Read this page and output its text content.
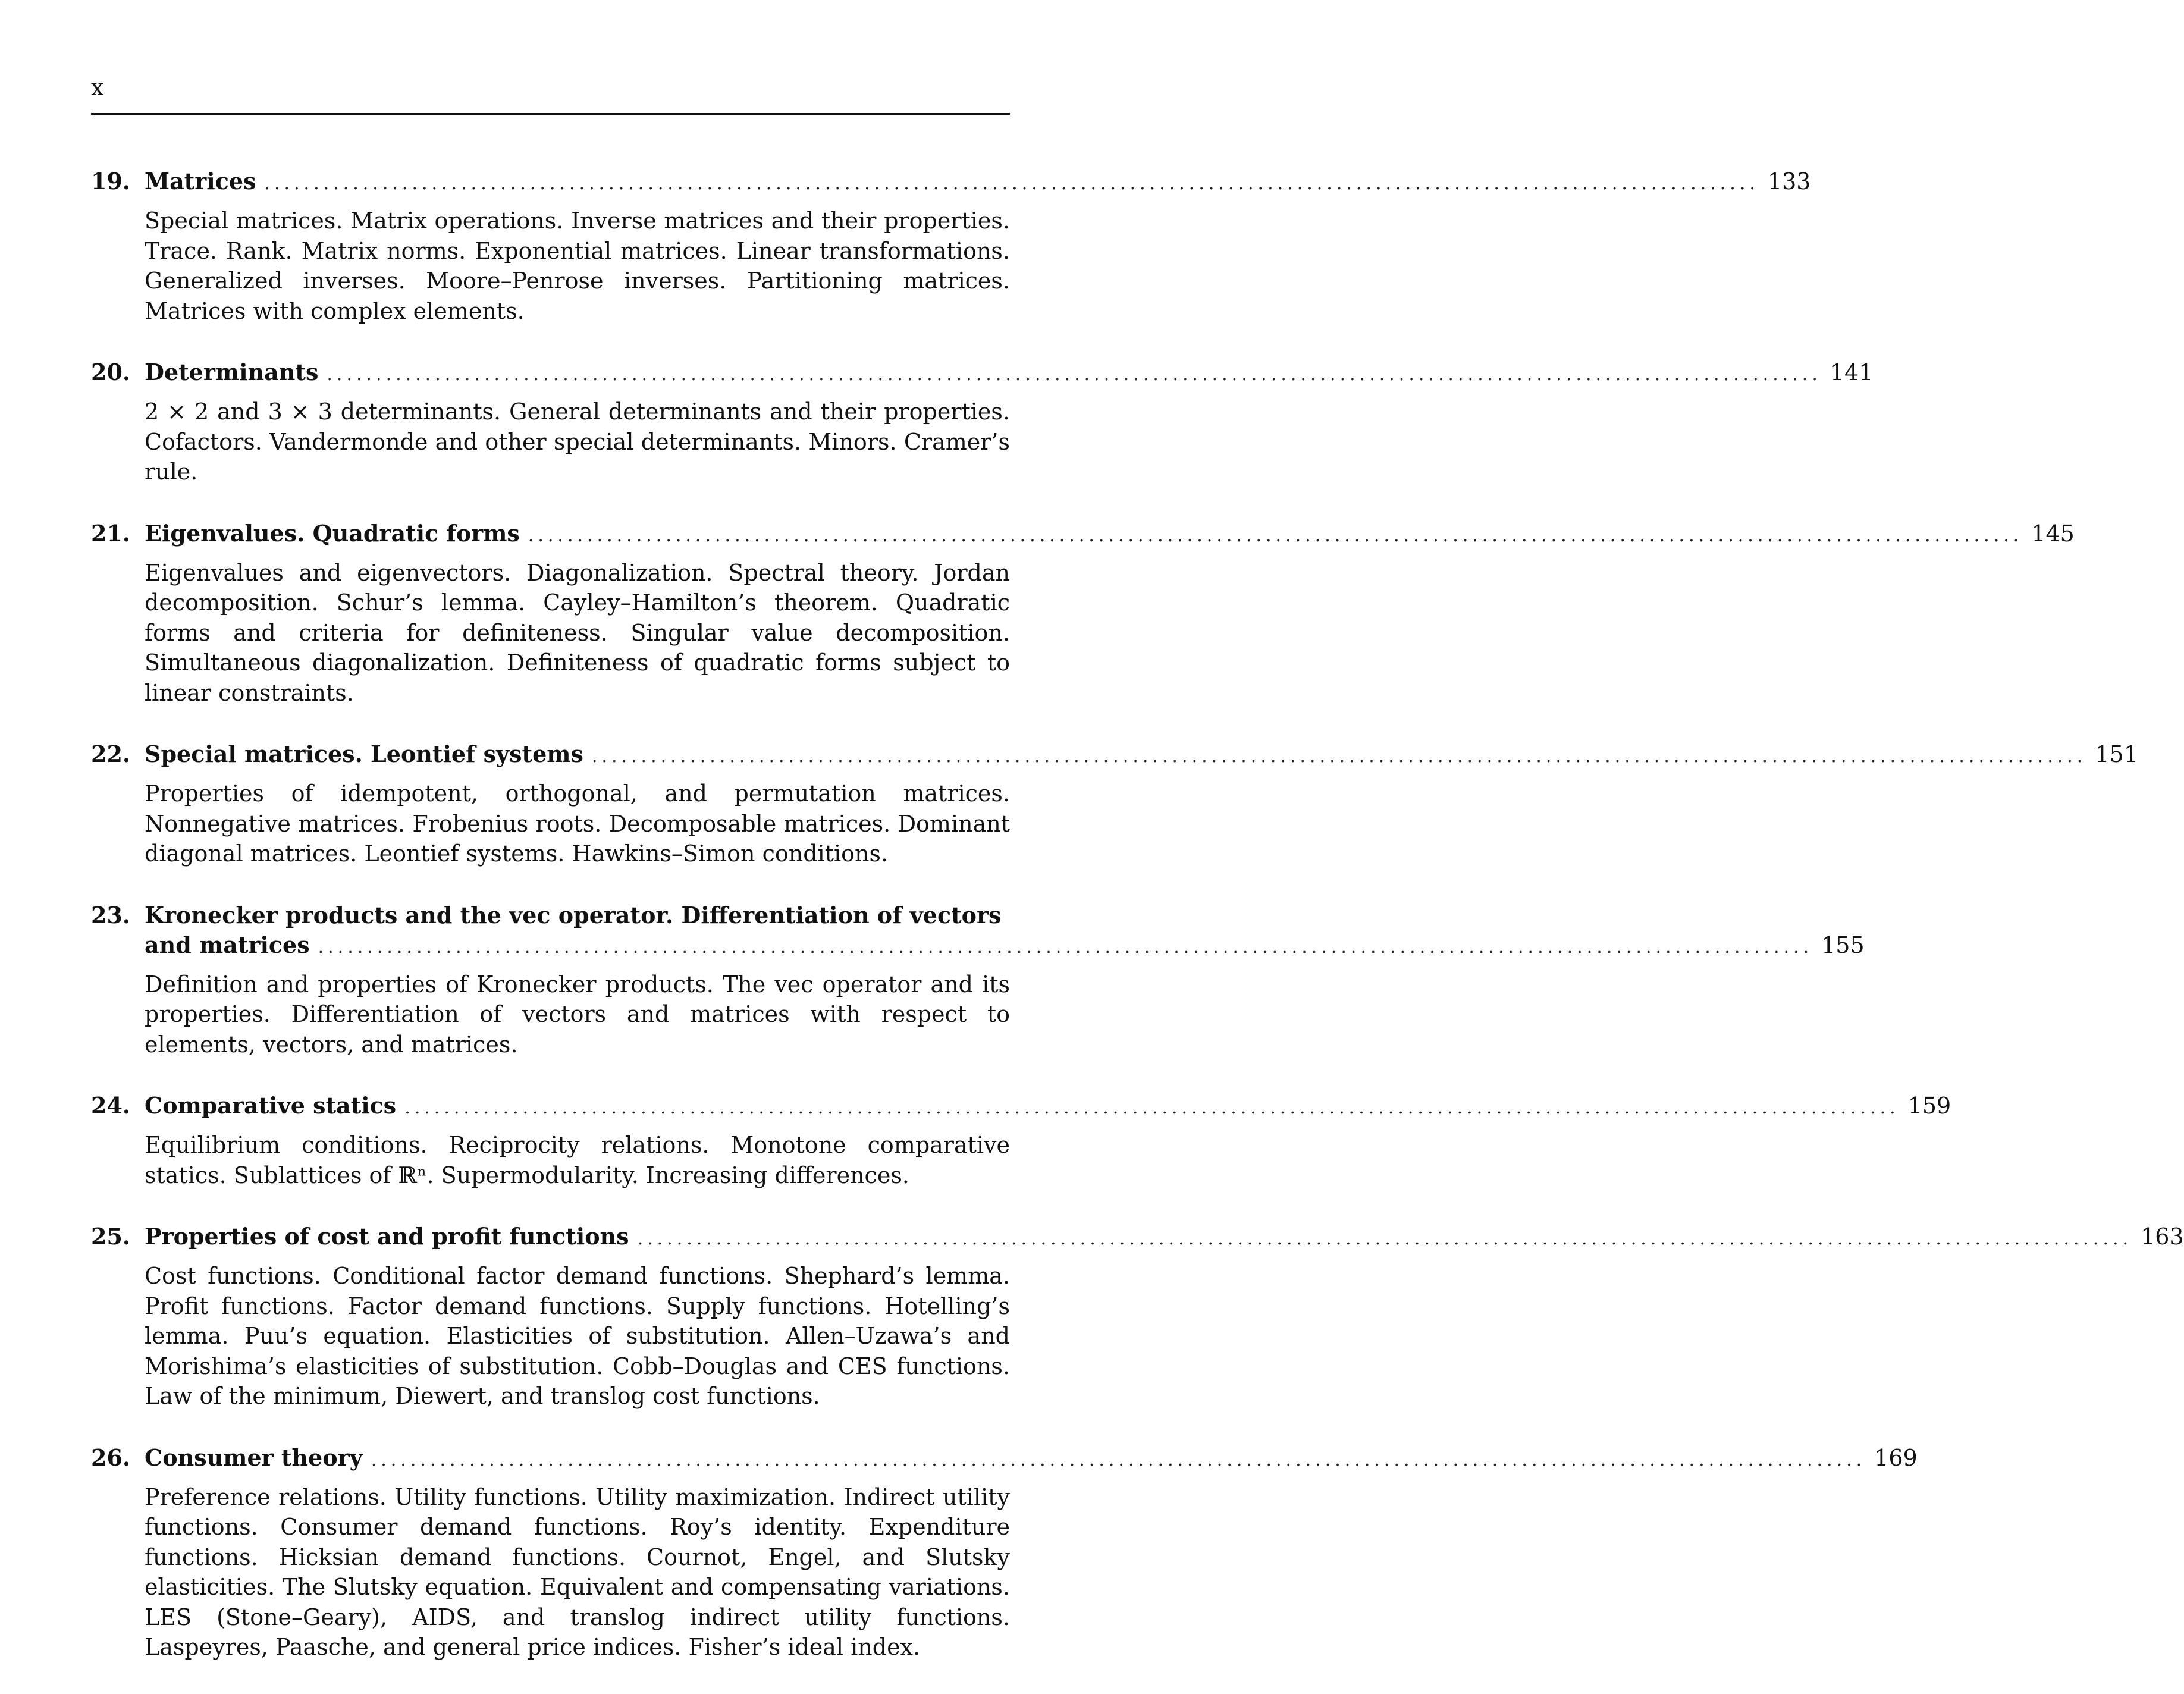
x
19. Matrices ........................................................................................................................................................ 133
Special matrices. Matrix operations. Inverse matrices and their properties. Trace. Rank. Matrix norms. Exponential matrices. Linear transformations. Generalized inverses. Moore–Penrose inverses. Partitioning matrices. Matrices with complex elements.
20. Determinants ........................................................................................................................................................ 141
2 × 2 and 3 × 3 determinants. General determinants and their properties. Cofactors. Vandermonde and other special determinants. Minors. Cramer’s rule.
21. Eigenvalues. Quadratic forms ........................................................................................................................................................ 145
Eigenvalues and eigenvectors. Diagonalization. Spectral theory. Jordan decomposition. Schur’s lemma. Cayley–Hamilton’s theorem. Quadratic forms and criteria for definiteness. Singular value decomposition. Simultaneous diagonalization. Definiteness of quadratic forms subject to linear constraints.
22. Special matrices. Leontief systems ........................................................................................................................................................ 151
Properties of idempotent, orthogonal, and permutation matrices. Nonnegative matrices. Frobenius roots. Decomposable matrices. Dominant diagonal matrices. Leontief systems. Hawkins–Simon conditions.
23. Kronecker products and the vec operator. Differentiation of vectors
and matrices ........................................................................................................................................................ 155
Definition and properties of Kronecker products. The vec operator and its properties. Differentiation of vectors and matrices with respect to elements, vectors, and matrices.
24. Comparative statics ........................................................................................................................................................ 159
Equilibrium conditions. Reciprocity relations. Monotone comparative statics. Sublattices of ℝⁿ. Supermodularity. Increasing differences.
25. Properties of cost and profit functions ........................................................................................................................................................ 163
Cost functions. Conditional factor demand functions. Shephard’s lemma. Profit functions. Factor demand functions. Supply functions. Hotelling’s lemma. Puu’s equation. Elasticities of substitution. Allen–Uzawa’s and Morishima’s elasticities of substitution. Cobb–Douglas and CES functions. Law of the minimum, Diewert, and translog cost functions.
26. Consumer theory ........................................................................................................................................................ 169
Preference relations. Utility functions. Utility maximization. Indirect utility functions. Consumer demand functions. Roy’s identity. Expenditure functions. Hicksian demand functions. Cournot, Engel, and Slutsky elasticities. The Slutsky equation. Equivalent and compensating variations. LES (Stone–Geary), AIDS, and translog indirect utility functions. Laspeyres, Paasche, and general price indices. Fisher’s ideal index.
